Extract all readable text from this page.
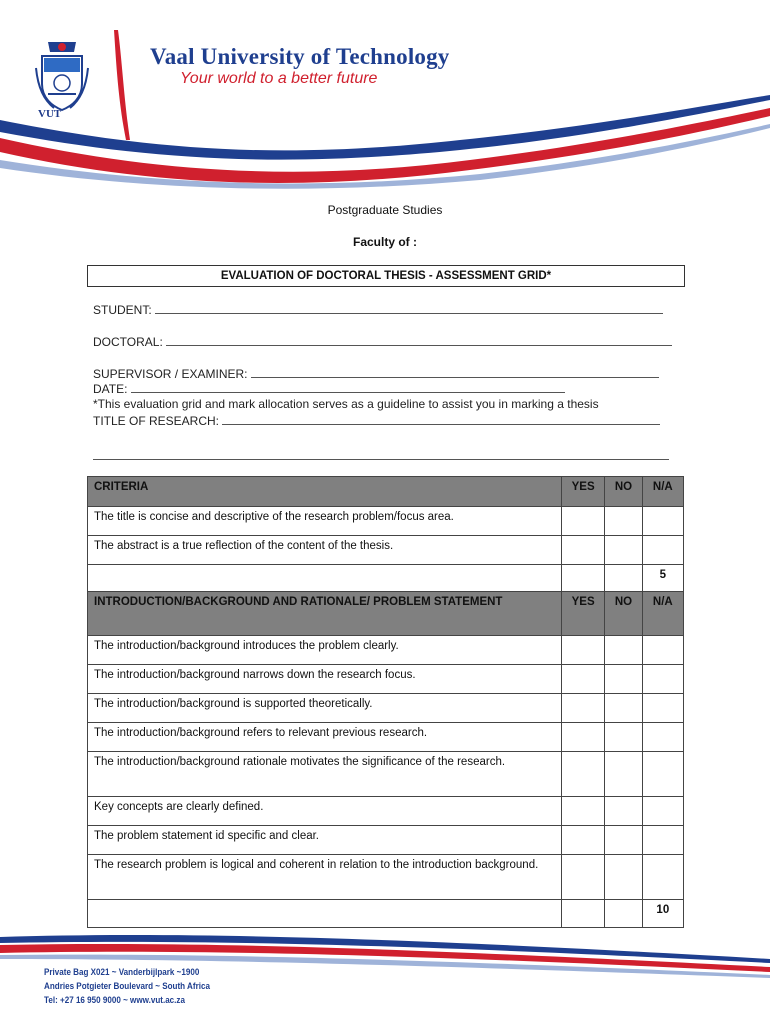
VUT
Vaal University of Technology
Your world to a better future
Postgraduate Studies
Faculty of :
EVALUATION OF DOCTORAL THESIS - ASSESSMENT GRID*
STUDENT:
DOCTORAL:
SUPERVISOR / EXAMINER:
DATE:
*This evaluation grid and mark allocation serves as a guideline to assist you in marking a thesis
TITLE OF RESEARCH:
CRITERIA	YES	NO	N/A
The title is concise and descriptive of the research problem/focus area.			
The abstract is a true reflection of the content of the thesis.			
			5
INTRODUCTION/BACKGROUND AND RATIONALE/ PROBLEM STATEMENT	YES	NO	N/A
The introduction/background introduces the problem clearly.			
The introduction/background narrows down the research focus.			
The introduction/background is supported theoretically.			
The introduction/background refers to relevant previous research.			
The introduction/background rationale motivates the significance of the research.			
Key concepts are clearly defined.			
The problem statement id specific and clear.			
The research problem is logical and coherent in relation to the introduction background.			
			10
Private Bag X021 ~ Vanderbijlpark ~1900
Andries Potgieter Boulevard ~ South Africa
Tel: +27 16 950 9000 ~ www.vut.ac.za
